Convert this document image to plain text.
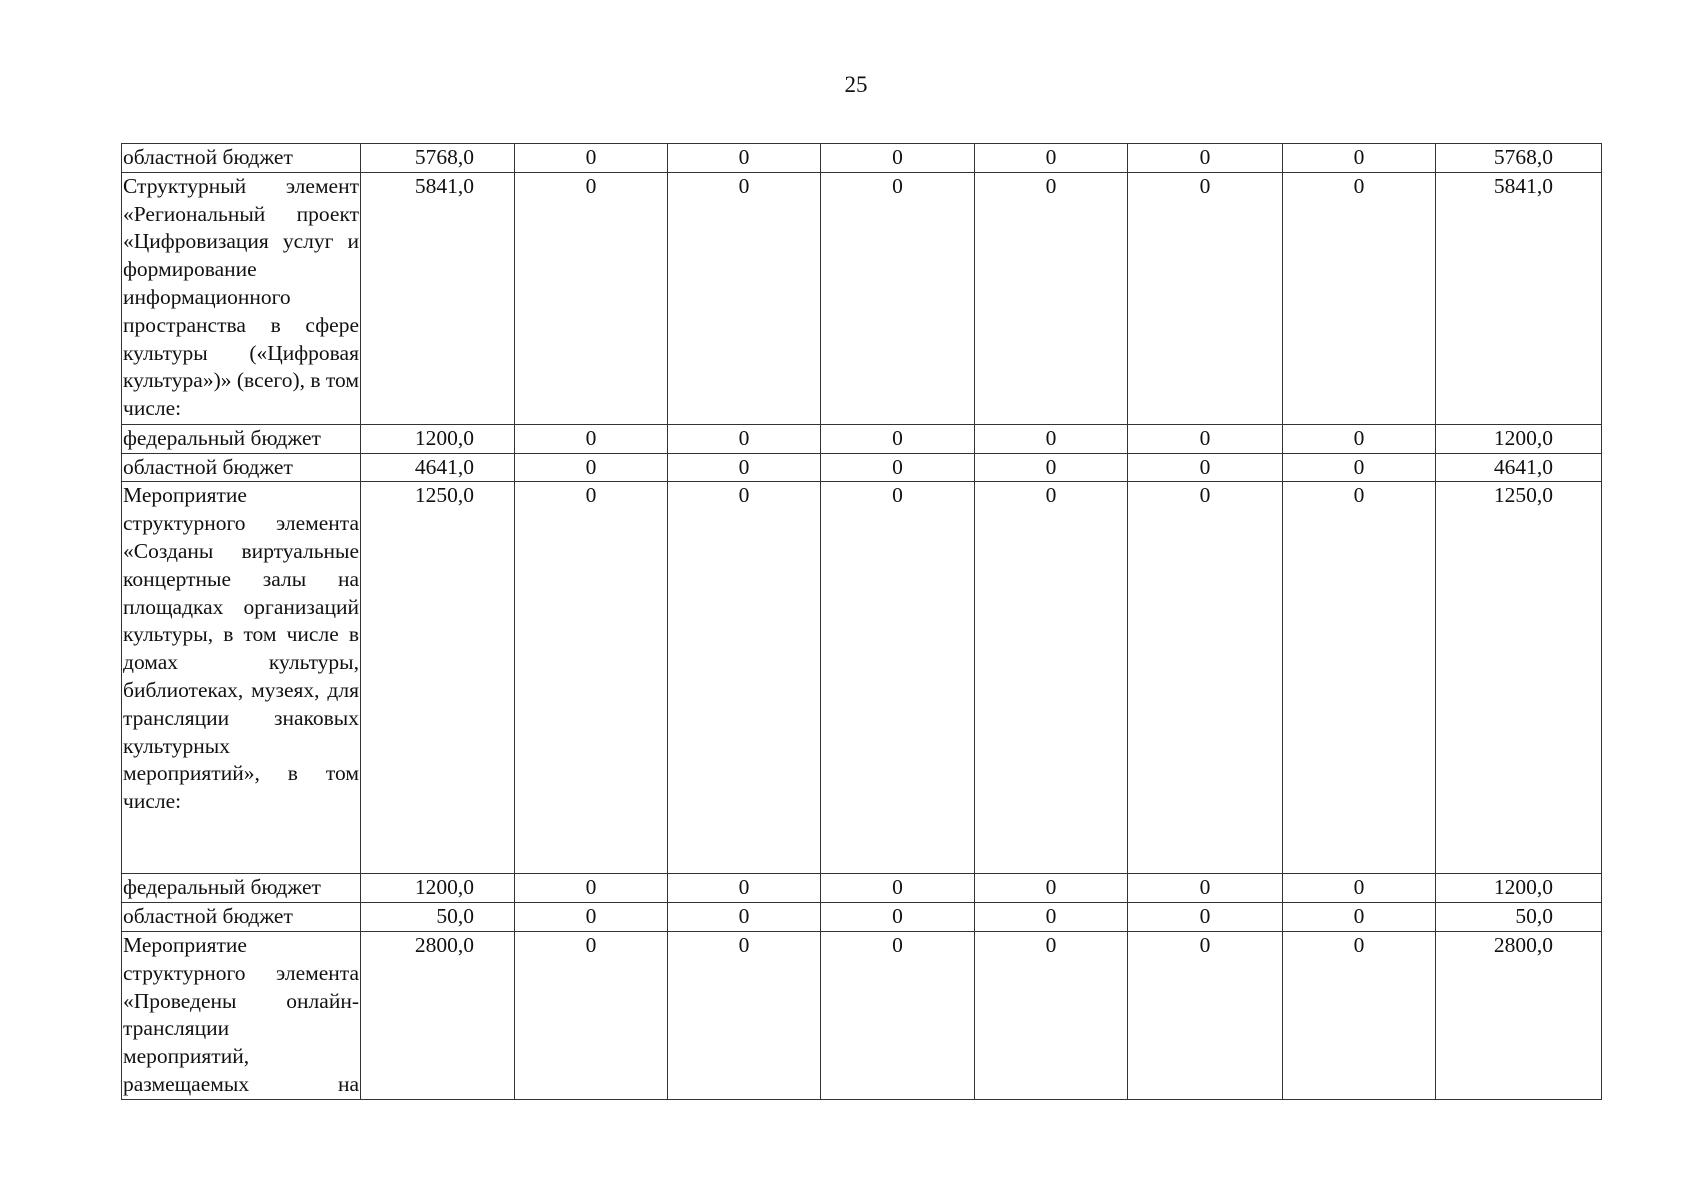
25
областной бюджет	5768,0	0	0	0	0	0	0	5768,0
Структурный элемент «Региональный проект «Цифровизация услуг и формирование информационного пространства в сфере культуры («Цифровая культура»)» (всего), в том числе:	5841,0	0	0	0	0	0	0	5841,0
федеральный бюджет	1200,0	0	0	0	0	0	0	1200,0
областной бюджет	4641,0	0	0	0	0	0	0	4641,0
Мероприятие структурного элемента «Созданы виртуальные концертные залы на площадках организаций культуры, в том числе в домах культуры, библиотеках, музеях, для трансляции знаковых культурных мероприятий», в том числе:	1250,0	0	0	0	0	0	0	1250,0
федеральный бюджет	1200,0	0	0	0	0	0	0	1200,0
областной бюджет	50,0	0	0	0	0	0	0	50,0
Мероприятие структурного элемента «Проведены онлайн-трансляции мероприятий, размещаемых на	2800,0	0	0	0	0	0	0	2800,0
